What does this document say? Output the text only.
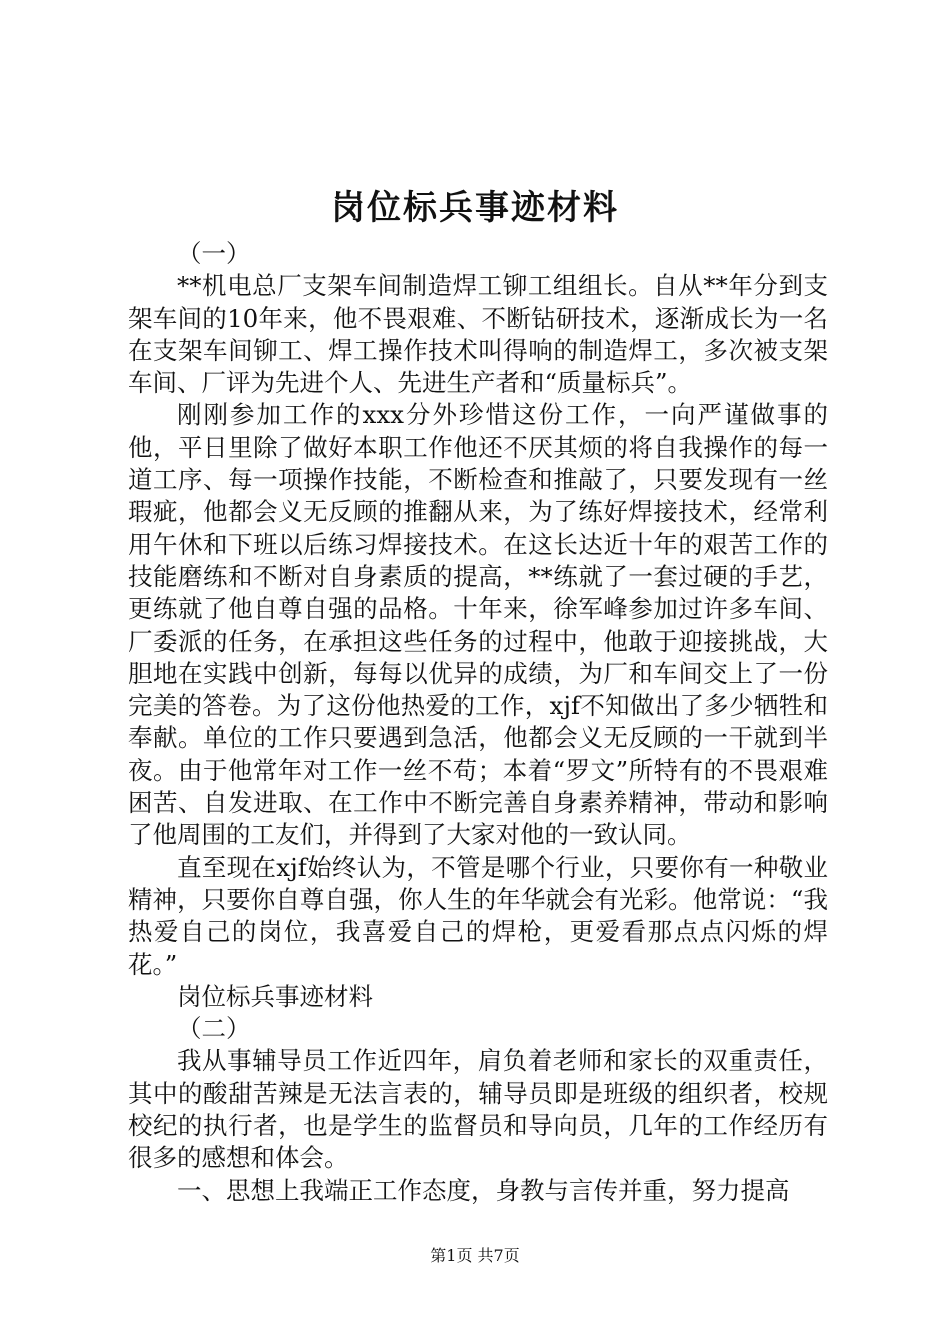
岗位标兵事迹材料

（一）

**机电总厂支架车间制造焊工铆工组组长。自从**年分到支架车间的10年来，他不畏艰难、不断钻研技术，逐渐成长为一名在支架车间铆工、焊工操作技术叫得响的制造焊工，多次被支架车间、厂评为先进个人、先进生产者和“质量标兵”。

刚刚参加工作的xxx分外珍惜这份工作，一向严谨做事的他，平日里除了做好本职工作他还不厌其烦的将自我操作的每一道工序、每一项操作技能，不断检查和推敲了，只要发现有一丝瑕疵，他都会义无反顾的推翻从来，为了练好焊接技术，经常利用午休和下班以后练习焊接技术。在这长达近十年的艰苦工作的技能磨练和不断对自身素质的提高，**练就了一套过硬的手艺，更练就了他自尊自强的品格。十年来，徐军峰参加过许多车间、厂委派的任务，在承担这些任务的过程中，他敢于迎接挑战，大胆地在实践中创新，每每以优异的成绩，为厂和车间交上了一份完美的答卷。为了这份他热爱的工作，xjf不知做出了多少牺牲和奉献。单位的工作只要遇到急活，他都会义无反顾的一干就到半夜。由于他常年对工作一丝不苟；本着“罗文”所特有的不畏艰难困苦、自发进取、在工作中不断完善自身素养精神，带动和影响了他周围的工友们，并得到了大家对他的一致认同。

直至现在xjf始终认为，不管是哪个行业，只要你有一种敬业精神，只要你自尊自强，你人生的年华就会有光彩。他常说：“我热爱自己的岗位，我喜爱自己的焊枪，更爱看那点点闪烁的焊花。”

岗位标兵事迹材料

（二）

我从事辅导员工作近四年，肩负着老师和家长的双重责任，其中的酸甜苦辣是无法言表的，辅导员即是班级的组织者，校规校纪的执行者，也是学生的监督员和导向员，几年的工作经历有很多的感想和体会。

一、思想上我端正工作态度，身教与言传并重，努力提高

第1页 共7页
